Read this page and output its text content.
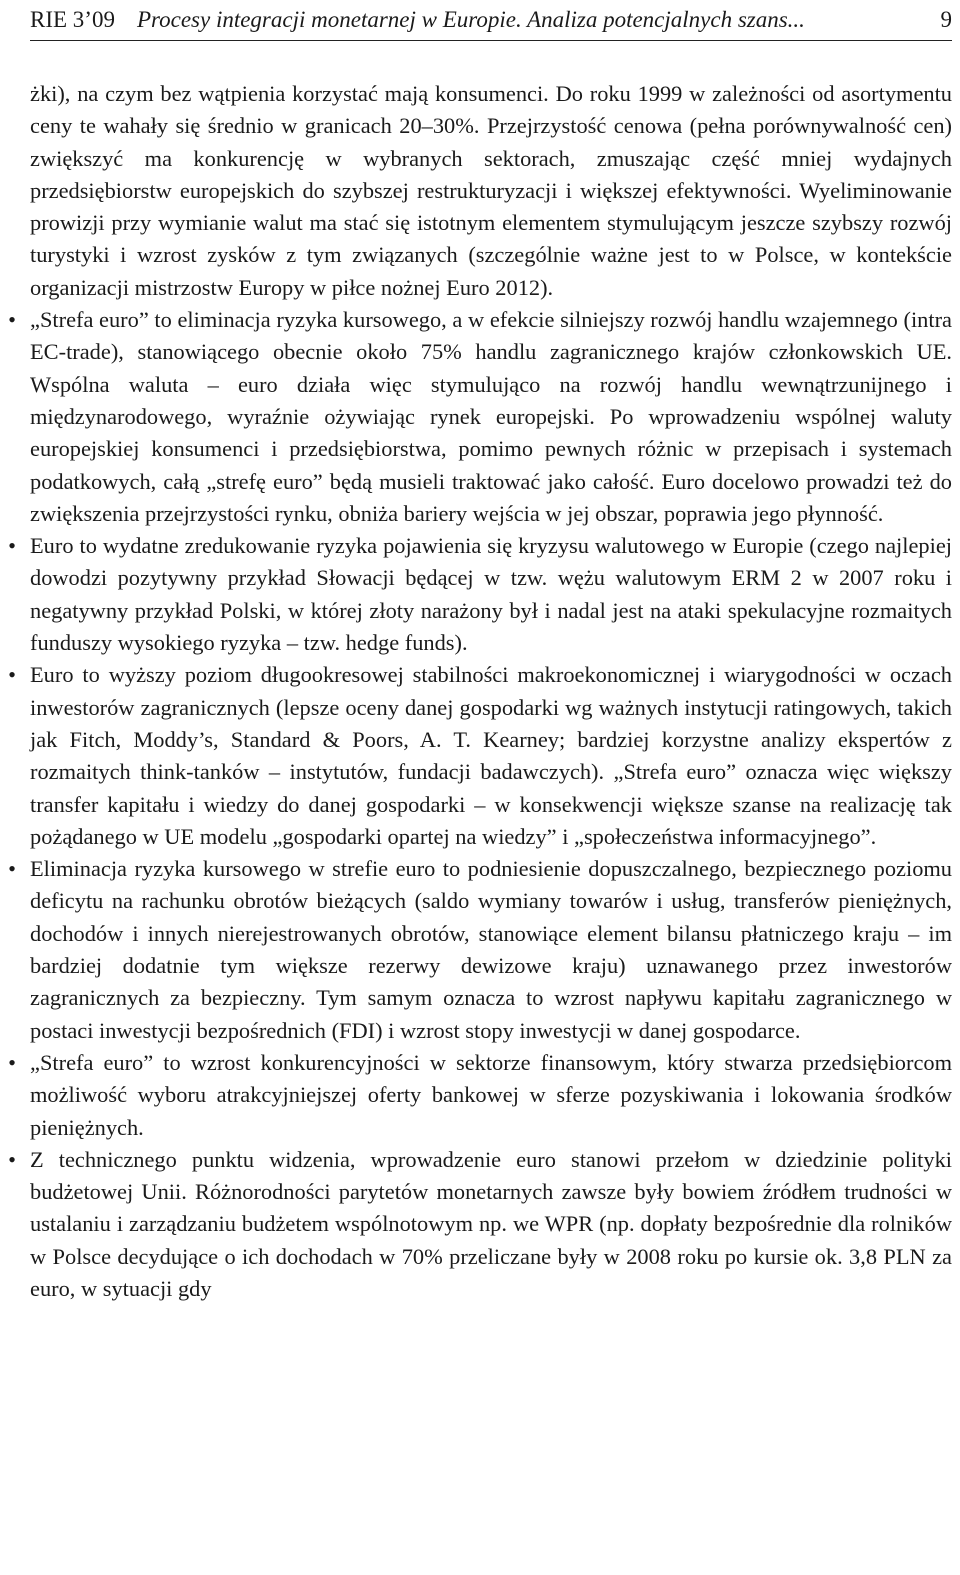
RIE 3’09 Procesy integracji monetarnej w Europie. Analiza potencjalnych szans...	9

żki), na czym bez wątpienia korzystać mają konsumenci. Do roku 1999 w zależności od asortymentu ceny te wahały się średnio w granicach 20–30%. Przejrzystość cenowa (pełna porównywalność cen) zwiększyć ma konkurencję w wybranych sektorach, zmuszając część mniej wydajnych przedsiębiorstw europejskich do szybszej restrukturyzacji i większej efektywności. Wyeliminowanie prowizji przy wymianie walut ma stać się istotnym elementem stymulującym jeszcze szybszy rozwój turystyki i wzrost zysków z tym związanych (szczególnie ważne jest to w Polsce, w kontekście organizacji mistrzostw Europy w piłce nożnej Euro 2012).

• „Strefa euro” to eliminacja ryzyka kursowego, a w efekcie silniejszy rozwój handlu wzajemnego (intra EC-trade), stanowiącego obecnie około 75% handlu zagranicznego krajów członkowskich UE. Wspólna waluta – euro działa więc stymulująco na rozwój handlu wewnątrzunijnego i międzynarodowego, wyraźnie ożywiając rynek europejski. Po wprowadzeniu wspólnej waluty europejskiej konsumenci i przedsiębiorstwa, pomimo pewnych różnic w przepisach i systemach podatkowych, całą „strefę euro” będą musieli traktować jako całość. Euro docelowo prowadzi też do zwiększenia przejrzystości rynku, obniża bariery wejścia w jej obszar, poprawia jego płynność.
• Euro to wydatne zredukowanie ryzyka pojawienia się kryzysu walutowego w Europie (czego najlepiej dowodzi pozytywny przykład Słowacji będącej w tzw. wężu walutowym ERM 2 w 2007 roku i negatywny przykład Polski, w której złoty narażony był i nadal jest na ataki spekulacyjne rozmaitych funduszy wysokiego ryzyka – tzw. hedge funds).
• Euro to wyższy poziom długookresowej stabilności makroekonomicznej i wiarygodności w oczach inwestorów zagranicznych (lepsze oceny danej gospodarki wg ważnych instytucji ratingowych, takich jak Fitch, Moddy’s, Standard & Poors, A. T. Kearney; bardziej korzystne analizy ekspertów z rozmaitych think-tanków – instytutów, fundacji badawczych). „Strefa euro” oznacza więc większy transfer kapitału i wiedzy do danej gospodarki – w konsekwencji większe szanse na realizację tak pożądanego w UE modelu „gospodarki opartej na wiedzy” i „społeczeństwa informacyjnego”.
• Eliminacja ryzyka kursowego w strefie euro to podniesienie dopuszczalnego, bezpiecznego poziomu deficytu na rachunku obrotów bieżących (saldo wymiany towarów i usług, transferów pieniężnych, dochodów i innych nierejestrowanych obrotów, stanowiące element bilansu płatniczego kraju – im bardziej dodatnie tym większe rezerwy dewizowe kraju) uznawanego przez inwestorów zagranicznych za bezpieczny. Tym samym oznacza to wzrost napływu kapitału zagranicznego w postaci inwestycji bezpośrednich (FDI) i wzrost stopy inwestycji w danej gospodarce.
• „Strefa euro” to wzrost konkurencyjności w sektorze finansowym, który stwarza przedsiębiorcom możliwość wyboru atrakcyjniejszej oferty bankowej w sferze pozyskiwania i lokowania środków pieniężnych.
• Z technicznego punktu widzenia, wprowadzenie euro stanowi przełom w dziedzinie polityki budżetowej Unii. Różnorodności parytetów monetarnych zawsze były bowiem źródłem trudności w ustalaniu i zarządzaniu budżetem wspólnotowym np. we WPR (np. dopłaty bezpośrednie dla rolników w Polsce decydujące o ich dochodach w 70% przeliczane były w 2008 roku po kursie ok. 3,8 PLN za euro, w sytuacji gdy
